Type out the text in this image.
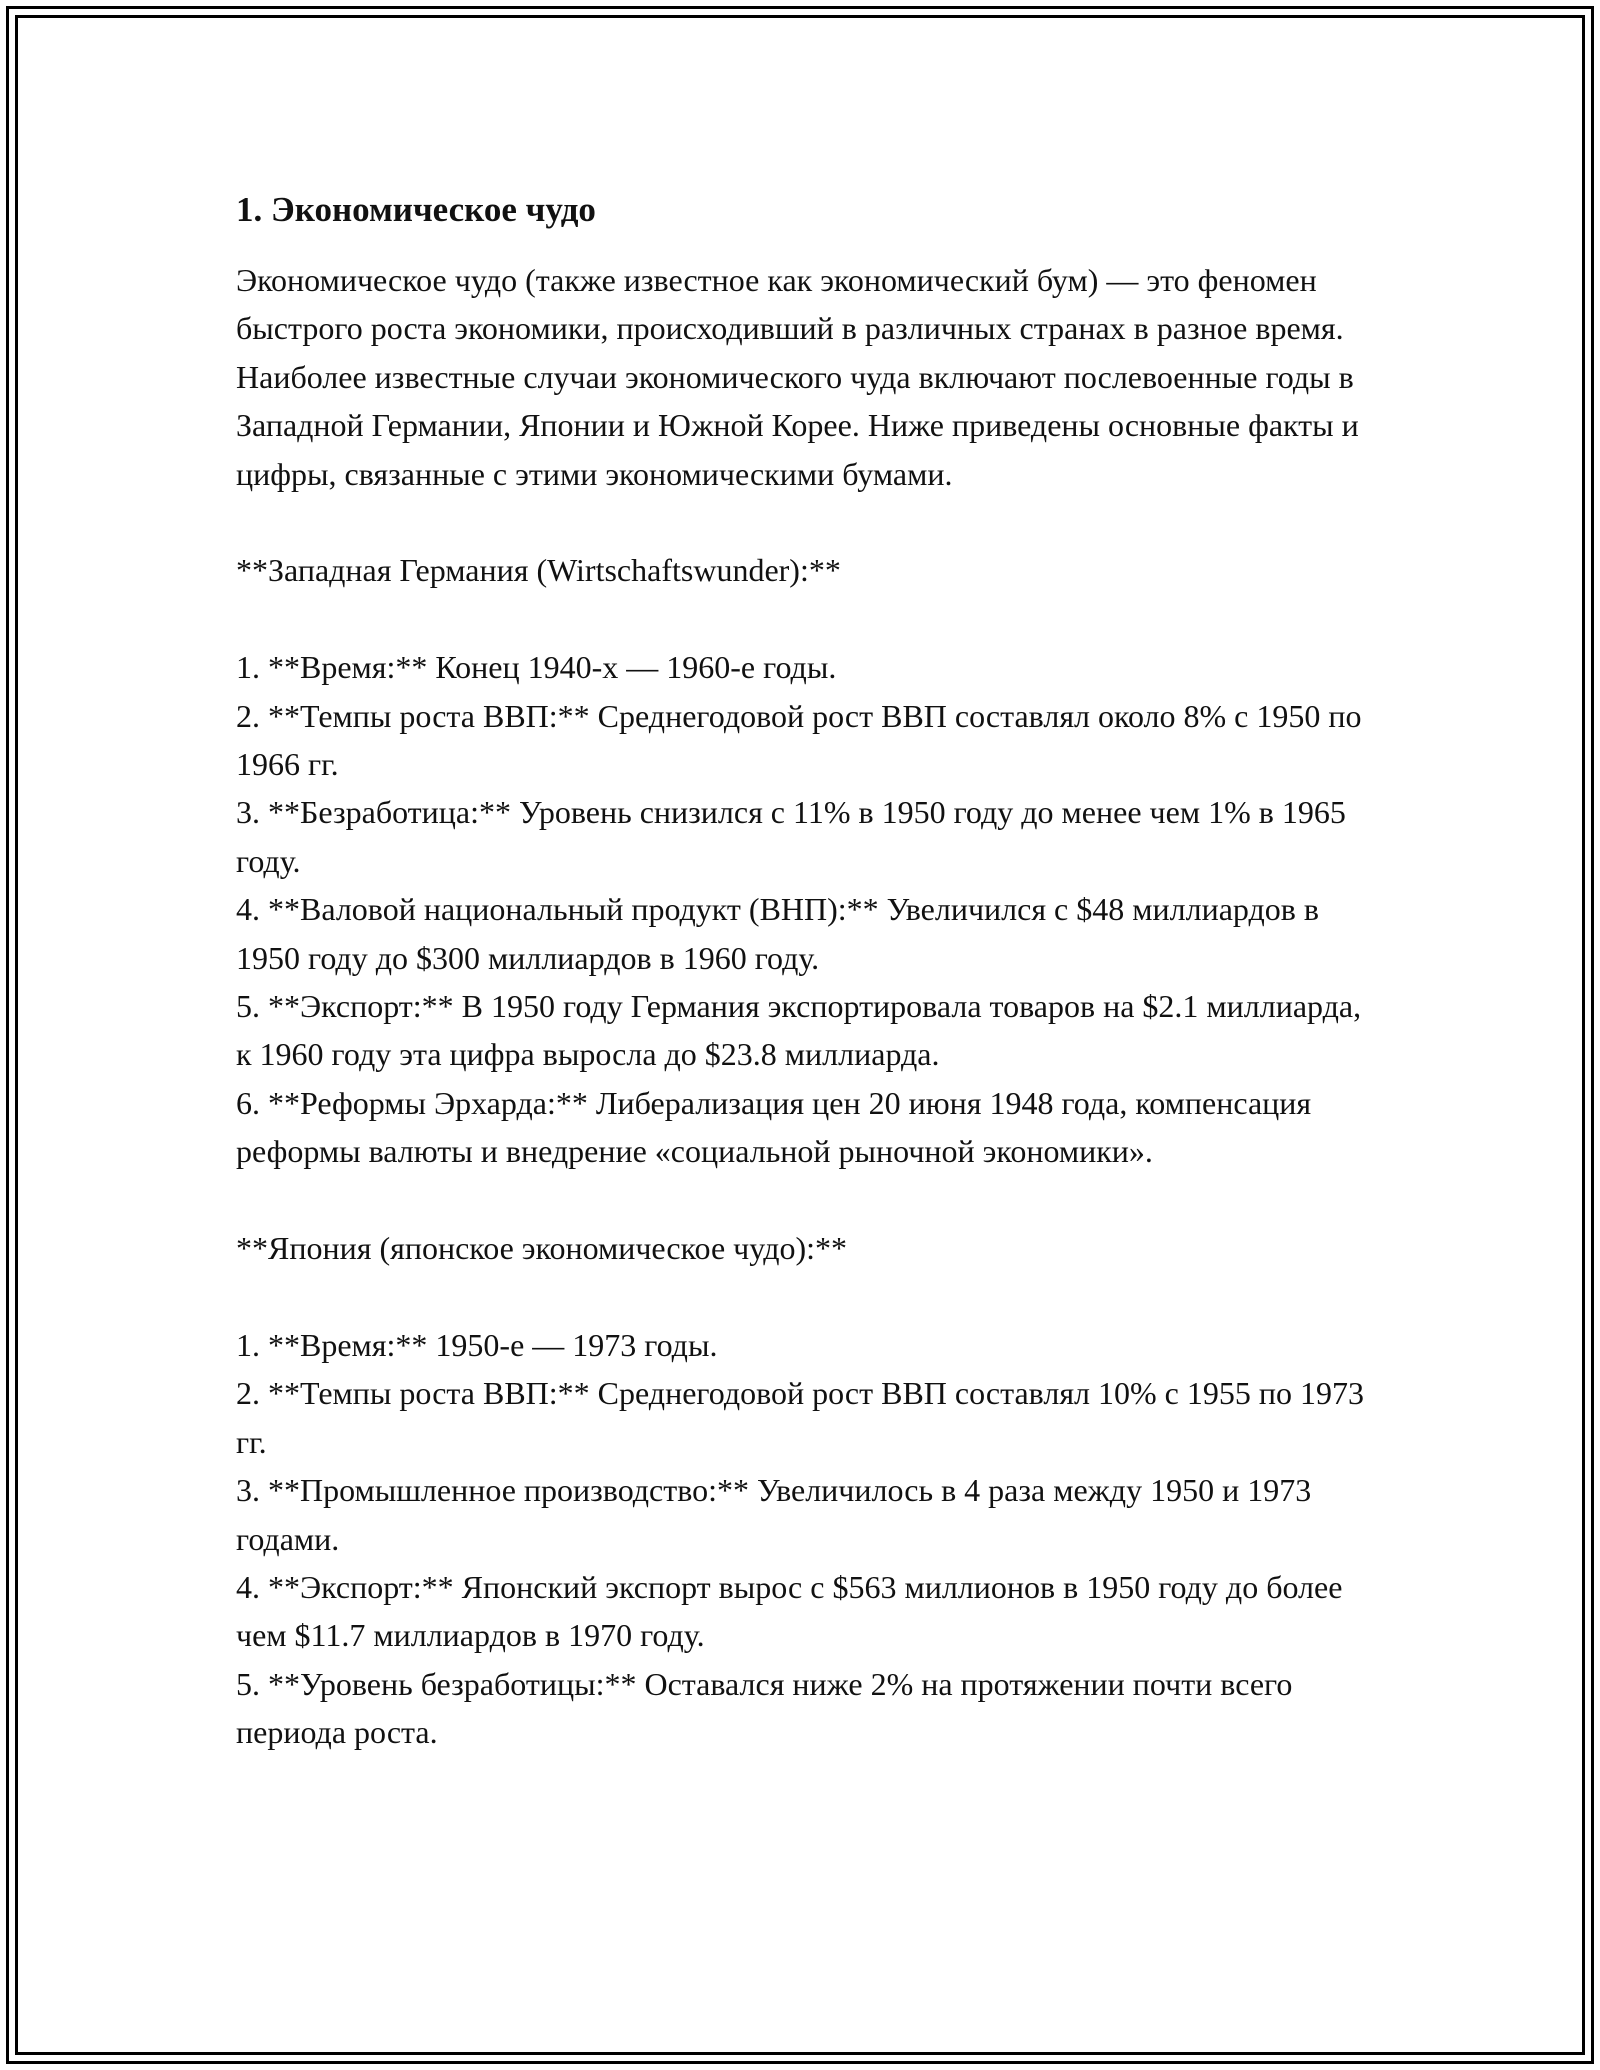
1. Экономическое чудо

Экономическое чудо (также известное как экономический бум) — это феномен быстрого роста экономики, происходивший в различных странах в разное время. Наиболее известные случаи экономического чуда включают послевоенные годы в Западной Германии, Японии и Южной Корее. Ниже приведены основные факты и цифры, связанные с этими экономическими бумами.

**Западная Германия (Wirtschaftswunder):**

1. **Время:** Конец 1940-х — 1960-е годы.

2. **Темпы роста ВВП:** Среднегодовой рост ВВП составлял около 8% с 1950 по 1966 гг.

3. **Безработица:** Уровень снизился с 11% в 1950 году до менее чем 1% в 1965 году.

4. **Валовой национальный продукт (ВНП):** Увеличился с $48 миллиардов в 1950 году до $300 миллиардов в 1960 году.

5. **Экспорт:** В 1950 году Германия экспортировала товаров на $2.1 миллиарда, к 1960 году эта цифра выросла до $23.8 миллиарда.

6. **Реформы Эрхарда:** Либерализация цен 20 июня 1948 года, компенсация реформы валюты и внедрение «социальной рыночной экономики».

**Япония (японское экономическое чудо):**

1. **Время:** 1950-е — 1973 годы.

2. **Темпы роста ВВП:** Среднегодовой рост ВВП составлял 10% с 1955 по 1973 гг.

3. **Промышленное производство:** Увеличилось в 4 раза между 1950 и 1973 годами.

4. **Экспорт:** Японский экспорт вырос с $563 миллионов в 1950 году до более чем $11.7 миллиардов в 1970 году.

5. **Уровень безработицы:** Оставался ниже 2% на протяжении почти всего периода роста.
